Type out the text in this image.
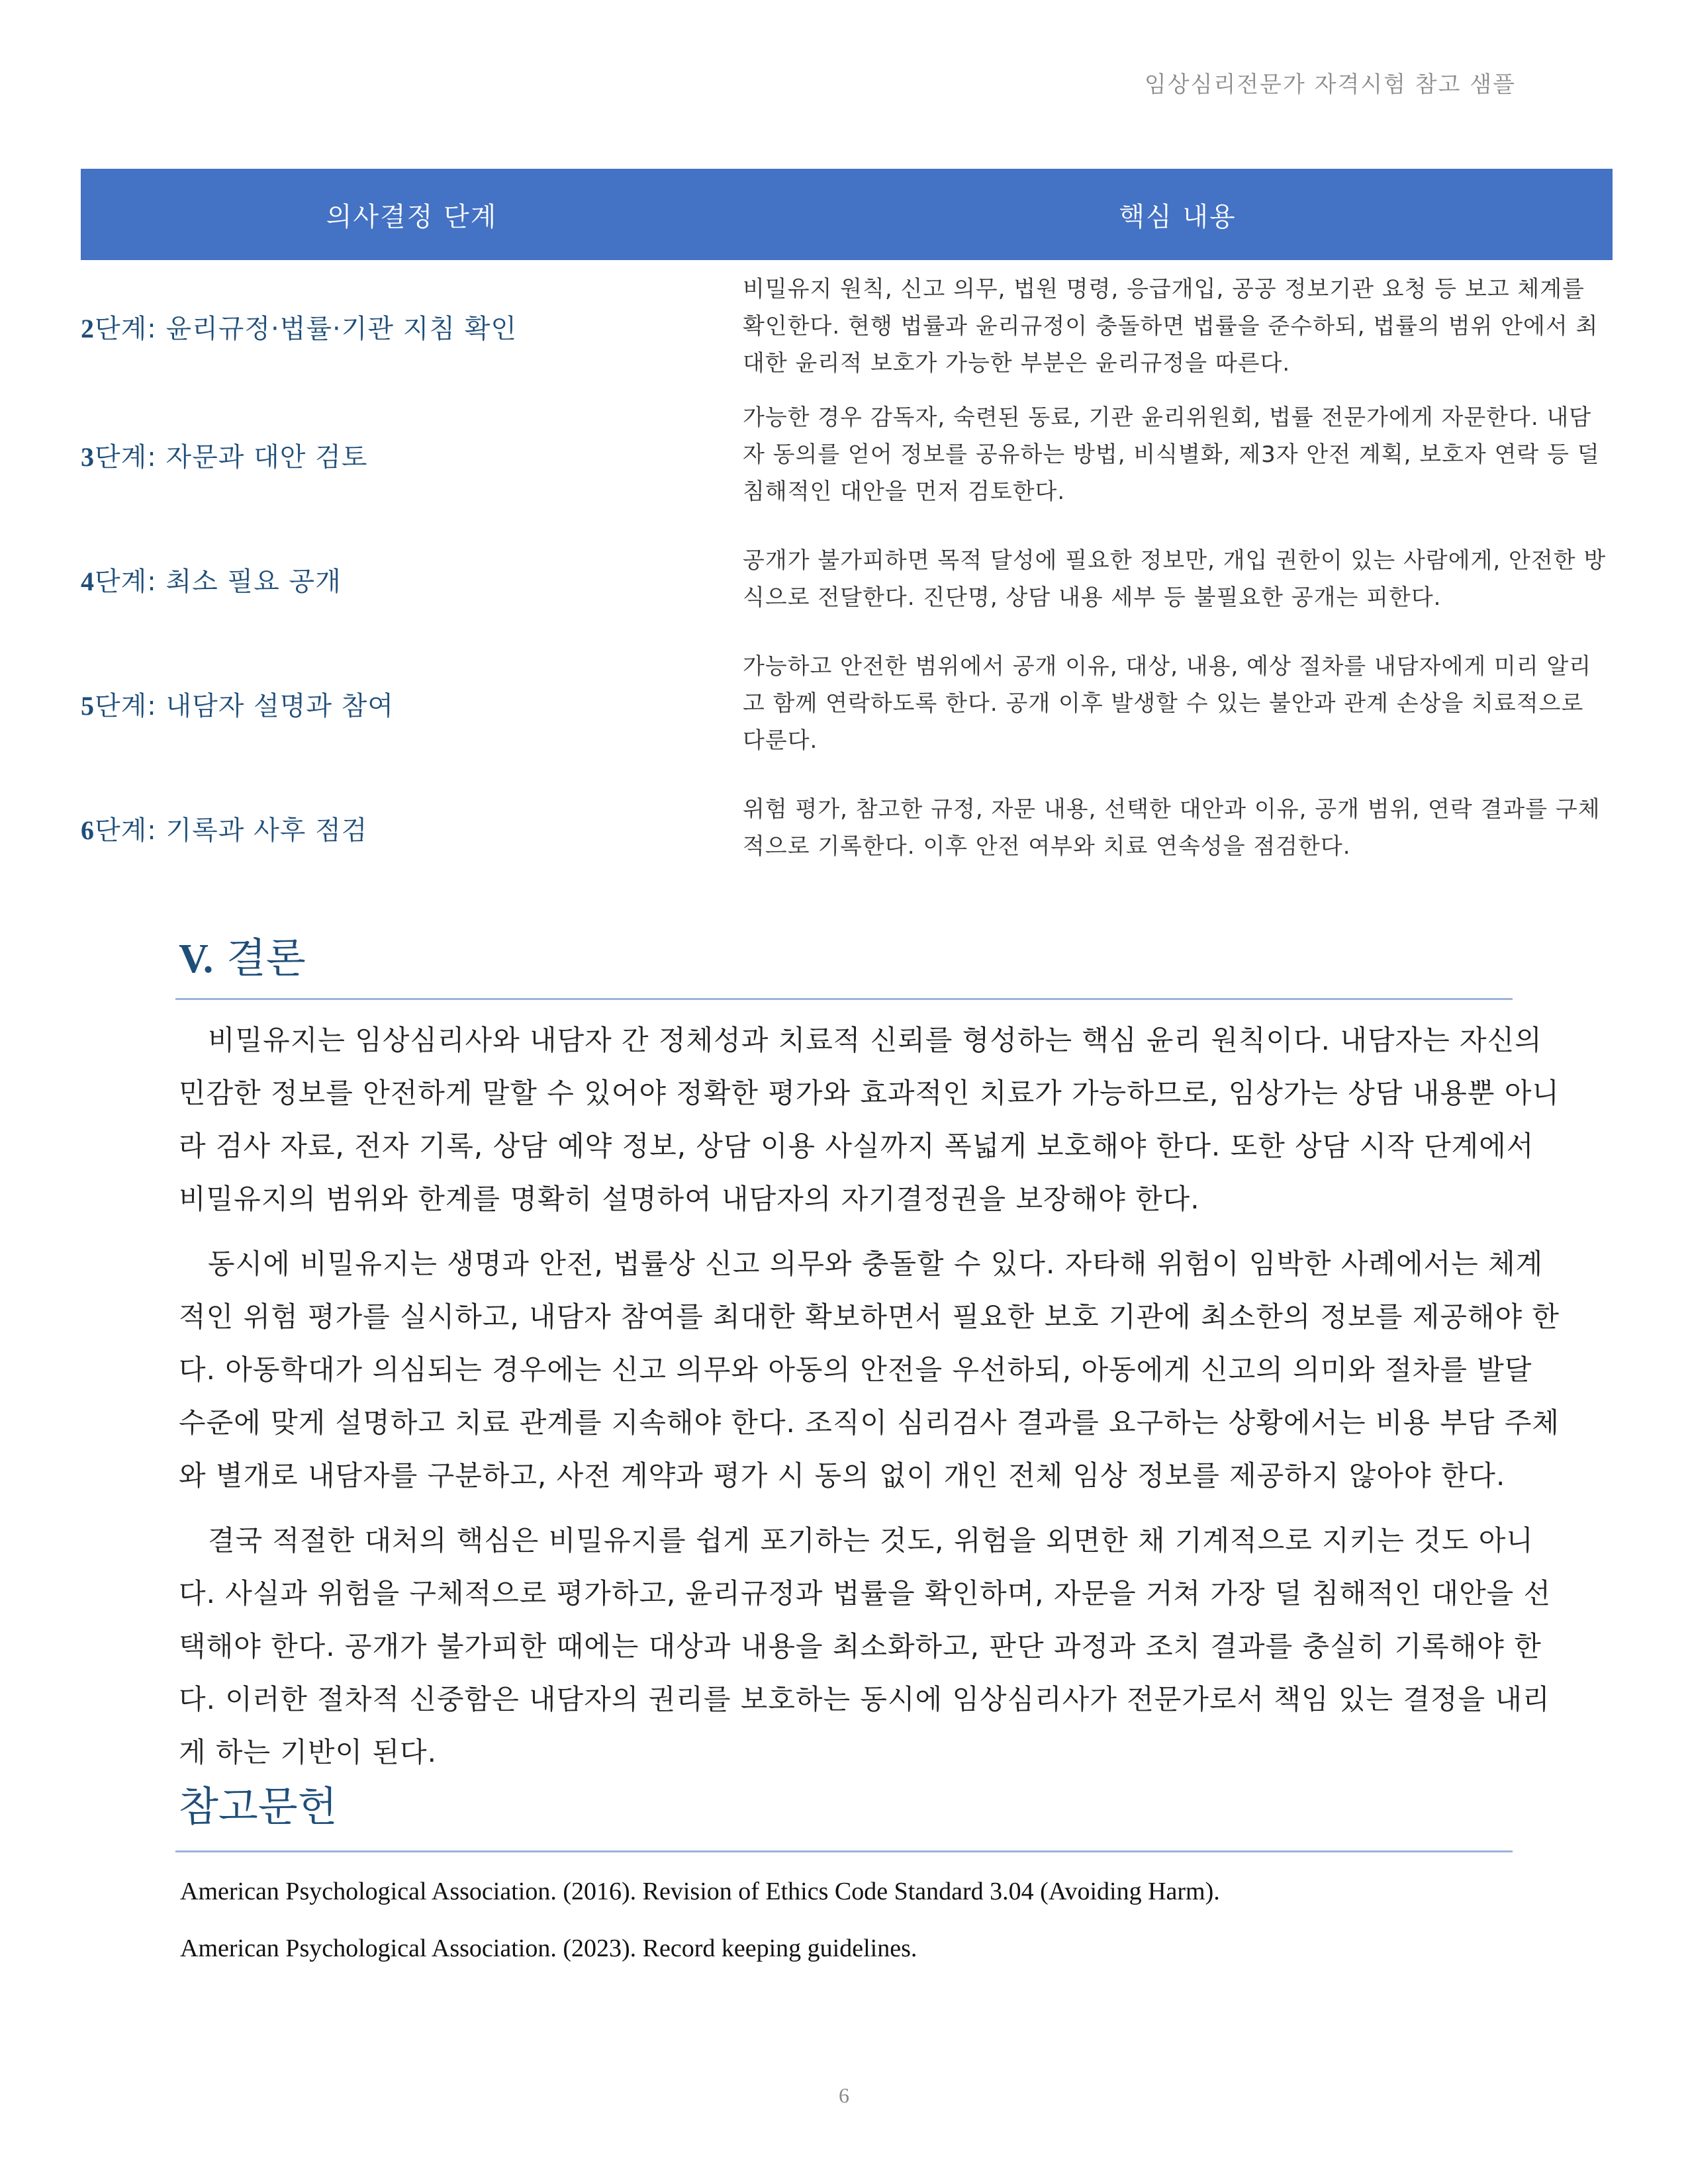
임상심리전문가 자격시험 참고 샘플
의사결정 단계	핵심 내용
2단계: 윤리규정·법률·기관 지침 확인	비밀유지 원칙, 신고 의무, 법원 명령, 응급개입, 공공 정보기관 요청 등 보고 체계를 확인한다. 현행 법률과 윤리규정이 충돌하면 법률을 준수하되, 법률의 범위 안에서 최대한 윤리적 보호가 가능한 부분은 윤리규정을 따른다.
3단계: 자문과 대안 검토	가능한 경우 감독자, 숙련된 동료, 기관 윤리위원회, 법률 전문가에게 자문한다. 내담자 동의를 얻어 정보를 공유하는 방법, 비식별화, 제3자 안전 계획, 보호자 연락 등 덜 침해적인 대안을 먼저 검토한다.
4단계: 최소 필요 공개	공개가 불가피하면 목적 달성에 필요한 정보만, 개입 권한이 있는 사람에게, 안전한 방식으로 전달한다. 진단명, 상담 내용 세부 등 불필요한 공개는 피한다.
5단계: 내담자 설명과 참여	가능하고 안전한 범위에서 공개 이유, 대상, 내용, 예상 절차를 내담자에게 미리 알리고 함께 연락하도록 한다. 공개 이후 발생할 수 있는 불안과 관계 손상을 치료적으로 다룬다.
6단계: 기록과 사후 점검	위험 평가, 참고한 규정, 자문 내용, 선택한 대안과 이유, 공개 범위, 연락 결과를 구체적으로 기록한다. 이후 안전 여부와 치료 연속성을 점검한다.
V. 결론

비밀유지는 임상심리사와 내담자 간 정체성과 치료적 신뢰를 형성하는 핵심 윤리 원칙이다. 내담자는 자신의 민감한 정보를 안전하게 말할 수 있어야 정확한 평가와 효과적인 치료가 가능하므로, 임상가는 상담 내용뿐 아니라 검사 자료, 전자 기록, 상담 예약 정보, 상담 이용 사실까지 폭넓게 보호해야 한다. 또한 상담 시작 단계에서 비밀유지의 범위와 한계를 명확히 설명하여 내담자의 자기결정권을 보장해야 한다.

동시에 비밀유지는 생명과 안전, 법률상 신고 의무와 충돌할 수 있다. 자타해 위험이 임박한 사례에서는 체계적인 위험 평가를 실시하고, 내담자 참여를 최대한 확보하면서 필요한 보호 기관에 최소한의 정보를 제공해야 한다. 아동학대가 의심되는 경우에는 신고 의무와 아동의 안전을 우선하되, 아동에게 신고의 의미와 절차를 발달 수준에 맞게 설명하고 치료 관계를 지속해야 한다. 조직이 심리검사 결과를 요구하는 상황에서는 비용 부담 주체와 별개로 내담자를 구분하고, 사전 계약과 평가 시 동의 없이 개인 전체 임상 정보를 제공하지 않아야 한다.

결국 적절한 대처의 핵심은 비밀유지를 쉽게 포기하는 것도, 위험을 외면한 채 기계적으로 지키는 것도 아니다. 사실과 위험을 구체적으로 평가하고, 윤리규정과 법률을 확인하며, 자문을 거쳐 가장 덜 침해적인 대안을 선택해야 한다. 공개가 불가피한 때에는 대상과 내용을 최소화하고, 판단 과정과 조치 결과를 충실히 기록해야 한다. 이러한 절차적 신중함은 내담자의 권리를 보호하는 동시에 임상심리사가 전문가로서 책임 있는 결정을 내리게 하는 기반이 된다.

참고문헌

American Psychological Association. (2016). Revision of Ethics Code Standard 3.04 (Avoiding Harm).

American Psychological Association. (2023). Record keeping guidelines.

6
